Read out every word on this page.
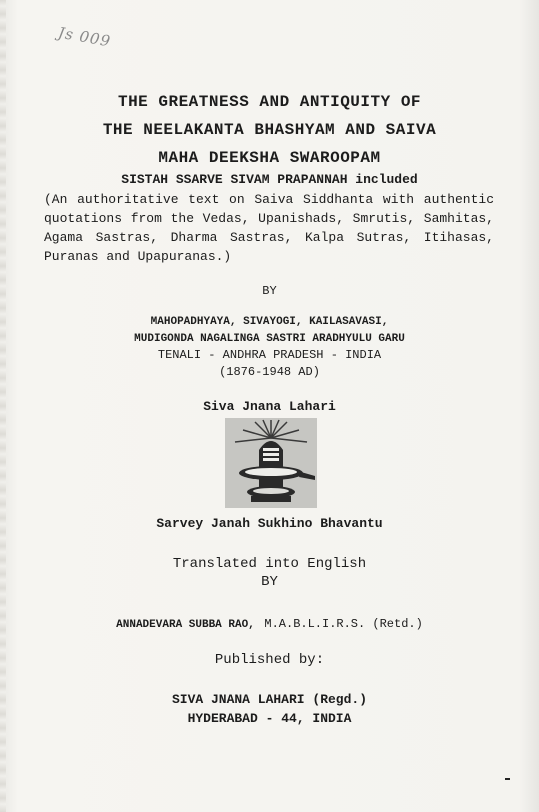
Js 009
THE GREATNESS AND ANTIQUITY OF
THE NEELAKANTA BHASHYAM AND SAIVA
MAHA DEEKSHA SWAROOPAM
SISTAH SSARVE SIVAM PRAPANNAH included
(An authoritative text on Saiva Siddhanta with authentic quotations from the Vedas, Upanishads, Smrutis, Samhitas, Agama Sastras, Dharma Sastras, Kalpa Sutras, Itihasas, Puranas and Upapuranas.)
BY
MAHOPADHYAYA, SIVAYOGI, KAILASAVASI,
MUDIGONDA NAGALINGA SASTRI ARADHYULU GARU
TENALI - ANDHRA PRADESH - INDIA
(1876-1948 AD)
Siva Jnana Lahari
Sarvey Janah Sukhino Bhavantu
Translated into English
BY
ANNADEVARA SUBBA RAO, M.A.B.L.I.R.S. (Retd.)
Published by:
SIVA JNANA LAHARI (Regd.)
HYDERABAD - 44, INDIA
